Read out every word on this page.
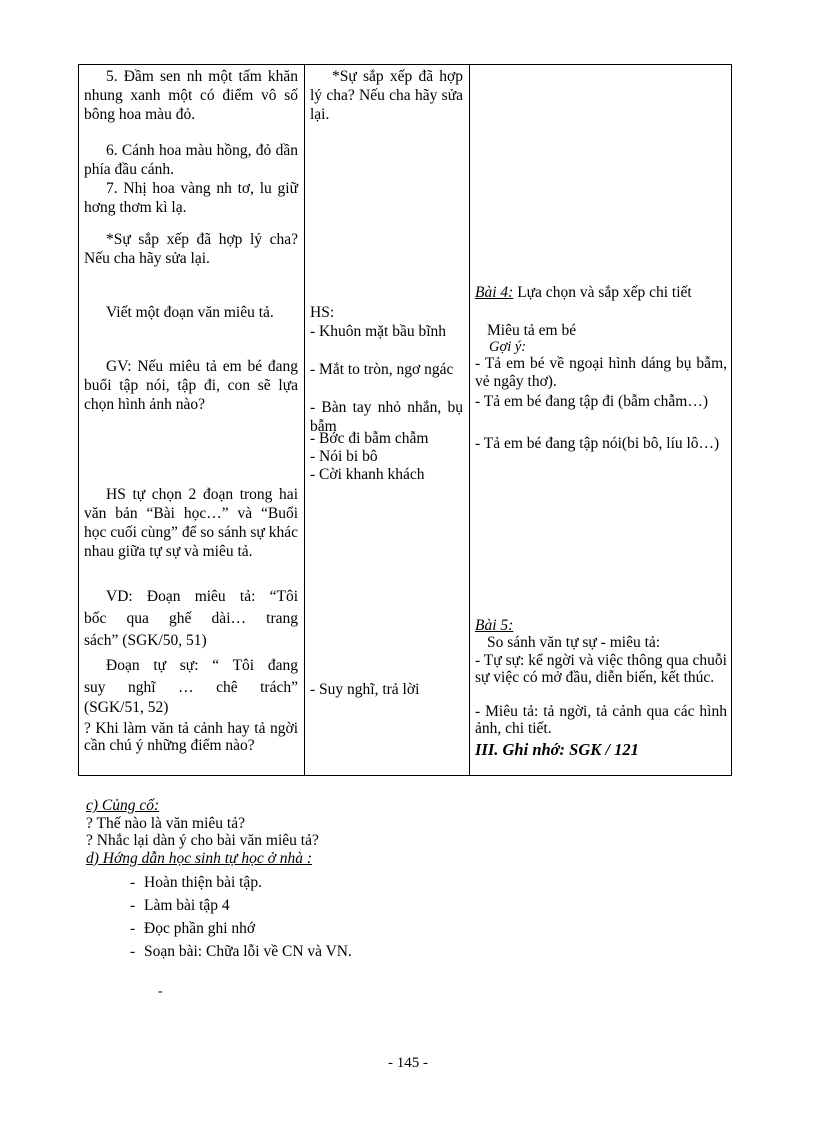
5. Đầm sen nh một tấm khăn nhung xanh một có điểm vô số bông hoa màu đỏ.
6. Cánh hoa màu hồng, đỏ dần phía đầu cánh.
7. Nhị hoa vàng nh tơ, lu giữ hơng thơm kì lạ.
*Sự sắp xếp đã hợp lý cha? Nếu cha hãy sửa lại.
Viết một đoạn văn miêu tả.
GV: Nếu miêu tả em bé đang buổi tập nói, tập đi, con sẽ lựa chọn hình ảnh nào?
HS tự chọn 2 đoạn trong hai văn bản “Bài học…” và “Buổi học cuối cùng” để so sánh sự khác nhau giữa tự sự và miêu tả.
VD: Đoạn miêu tả: “Tôi
bốc qua ghế dài… trang
sách” (SGK/50, 51)
Đoạn tự sự: “ Tôi đang
suy nghĩ … chê trách”
(SGK/51, 52)
? Khi làm văn tả cảnh hay tả ngời cần chú ý những điểm nào?
*Sự sắp xếp đã hợp lý cha? Nếu cha hãy sửa lại.
HS:
- Khuôn mặt bầu bĩnh
- Mắt to tròn, ngơ ngác
- Bàn tay nhỏ nhắn, bụ bẫm
- Bớc đi bẫm chẫm
- Nói bi bô
- Cời khanh khách
- Suy nghĩ, trả lời
Bài 4: Lựa chọn và sắp xếp chi tiết
Miêu tả em bé
Gợi ý:
- Tả em bé về ngoại hình dáng bụ bẫm, vẻ ngây thơ).
- Tả em bé đang tập đi (bẫm chẫm…)
- Tả em bé đang tập nói(bi bô, líu lô…)
Bài 5:
So sánh văn tự sự - miêu tả:
- Tự sự: kể ngời và việc thông qua chuỗi sự việc có mở đầu, diễn biến, kết thúc.
- Miêu tả: tả ngời, tả cảnh qua các hình ảnh, chi tiết.
III. Ghi nhớ: SGK / 121
c) Củng cố:
? Thế nào là văn miêu tả?
? Nhắc lại dàn ý cho bài văn miêu tả?
d) Hớng dẫn học sinh tự học ở nhà :
- Hoàn thiện bài tập.
- Làm bài tập 4
- Đọc phần ghi nhớ
- Soạn bài: Chữa lỗi về CN và VN.
-
- 145 -
